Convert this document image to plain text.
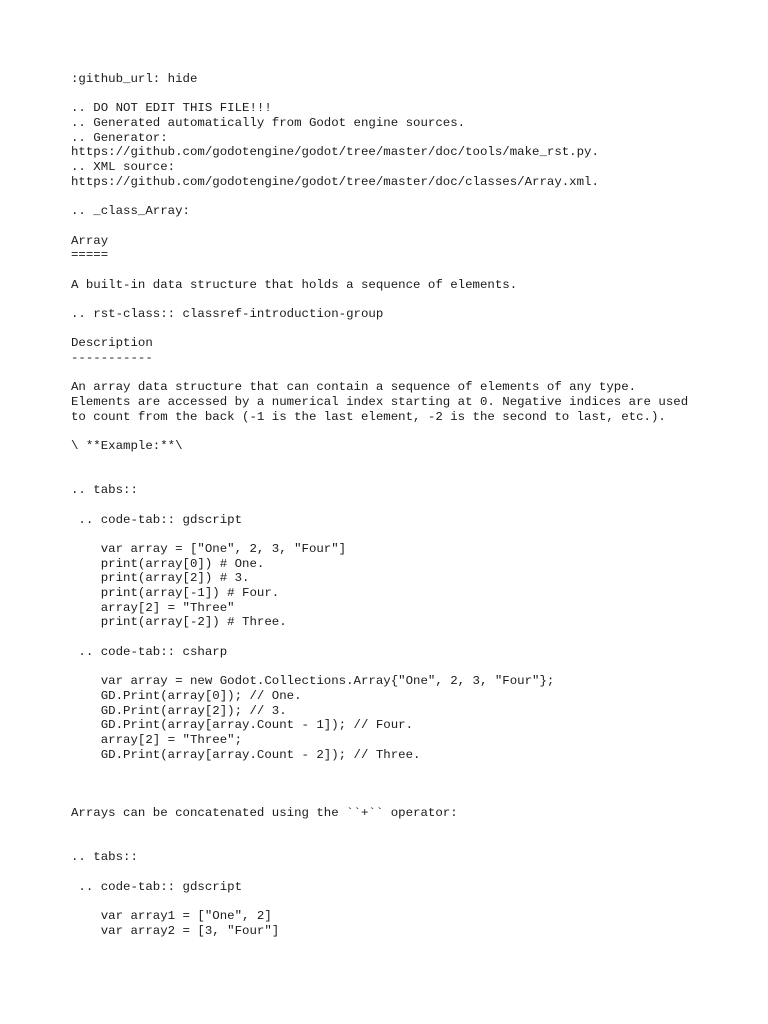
:github_url: hide
.. DO NOT EDIT THIS FILE!!!
.. Generated automatically from Godot engine sources.
.. Generator:
https://github.com/godotengine/godot/tree/master/doc/tools/make_rst.py.
.. XML source:
https://github.com/godotengine/godot/tree/master/doc/classes/Array.xml.
.. _class_Array:
Array
=====
A built-in data structure that holds a sequence of elements.
.. rst-class:: classref-introduction-group
Description
-----------
An array data structure that can contain a sequence of elements of any type.
Elements are accessed by a numerical index starting at 0. Negative indices are used
to count from the back (-1 is the last element, -2 is the second to last, etc.).
\ **Example:**\
.. tabs::
.. code-tab:: gdscript
var array = ["One", 2, 3, "Four"]
print(array[0]) # One.
print(array[2]) # 3.
print(array[-1]) # Four.
array[2] = "Three"
print(array[-2]) # Three.
.. code-tab:: csharp
var array = new Godot.Collections.Array{"One", 2, 3, "Four"};
GD.Print(array[0]); // One.
GD.Print(array[2]); // 3.
GD.Print(array[array.Count - 1]); // Four.
array[2] = "Three";
GD.Print(array[array.Count - 2]); // Three.
Arrays can be concatenated using the ``+`` operator:
.. tabs::
.. code-tab:: gdscript
var array1 = ["One", 2]
var array2 = [3, "Four"]
